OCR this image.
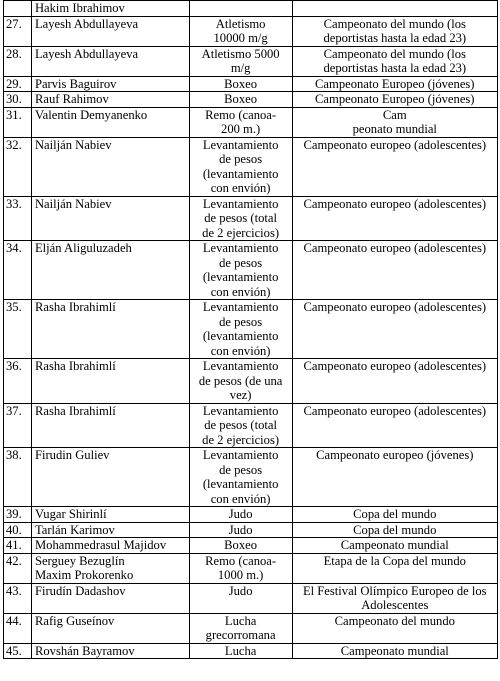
	Hakim Ibrahimov		
27.	Layesh Abdullayeva	Atletismo
10000 m/g	Campeonato del mundo (los
deportistas hasta la edad 23)
28.	Layesh Abdullayeva	Atletismo 5000
m/g	Campeonato del mundo (los
deportistas hasta la edad 23)
29.	Parvis Baguirov	Boxeo	Campeonato Europeo (jóvenes)
30.	Rauf Rahimov	Boxeo	Campeonato Europeo (jóvenes)
31.	Valentin Demyanenko	Remo (canoa-
200 m.)	Cam
peonato mundial
32.	Nailján Nabiev	Levantamiento
de pesos
(levantamiento
con envión)	Campeonato europeo (adolescentes)
33.	Nailján Nabiev	Levantamiento
de pesos (total
de 2 ejercicios)	Campeonato europeo (adolescentes)
34.	Elján Aliguluzadeh	Levantamiento
de pesos
(levantamiento
con envión)	Campeonato europeo (adolescentes)
35.	Rasha Ibrahimlí	Levantamiento
de pesos
(levantamiento
con envión)	Campeonato europeo (adolescentes)
36.	Rasha Ibrahimlí	Levantamiento
de pesos (de una
vez)	Campeonato europeo (adolescentes)
37.	Rasha Ibrahimlí	Levantamiento
de pesos (total
de 2 ejercicios)	Campeonato europeo (adolescentes)
38.	Firudin Guliev	Levantamiento
de pesos
(levantamiento
con envión)	Campeonato europeo (jóvenes)
39.	Vugar Shirinlí	Judo	Copa del mundo
40.	Tarlán Karimov	Judo	Copa del mundo
41.	Mohammedrasul Majidov	Boxeo	Campeonato mundial
42.	Serguey Bezuglín
Maxim Prokorenko	Remo (canoa-
1000 m.)	Etapa de la Copa del mundo
43.	Firudín Dadashov	Judo	El Festival Olímpico Europeo de los
Adolescentes
44.	Rafig Guseínov	Lucha
grecorromana	Campeonato del mundo
45.	Rovshán Bayramov	Lucha	Campeonato mundial
